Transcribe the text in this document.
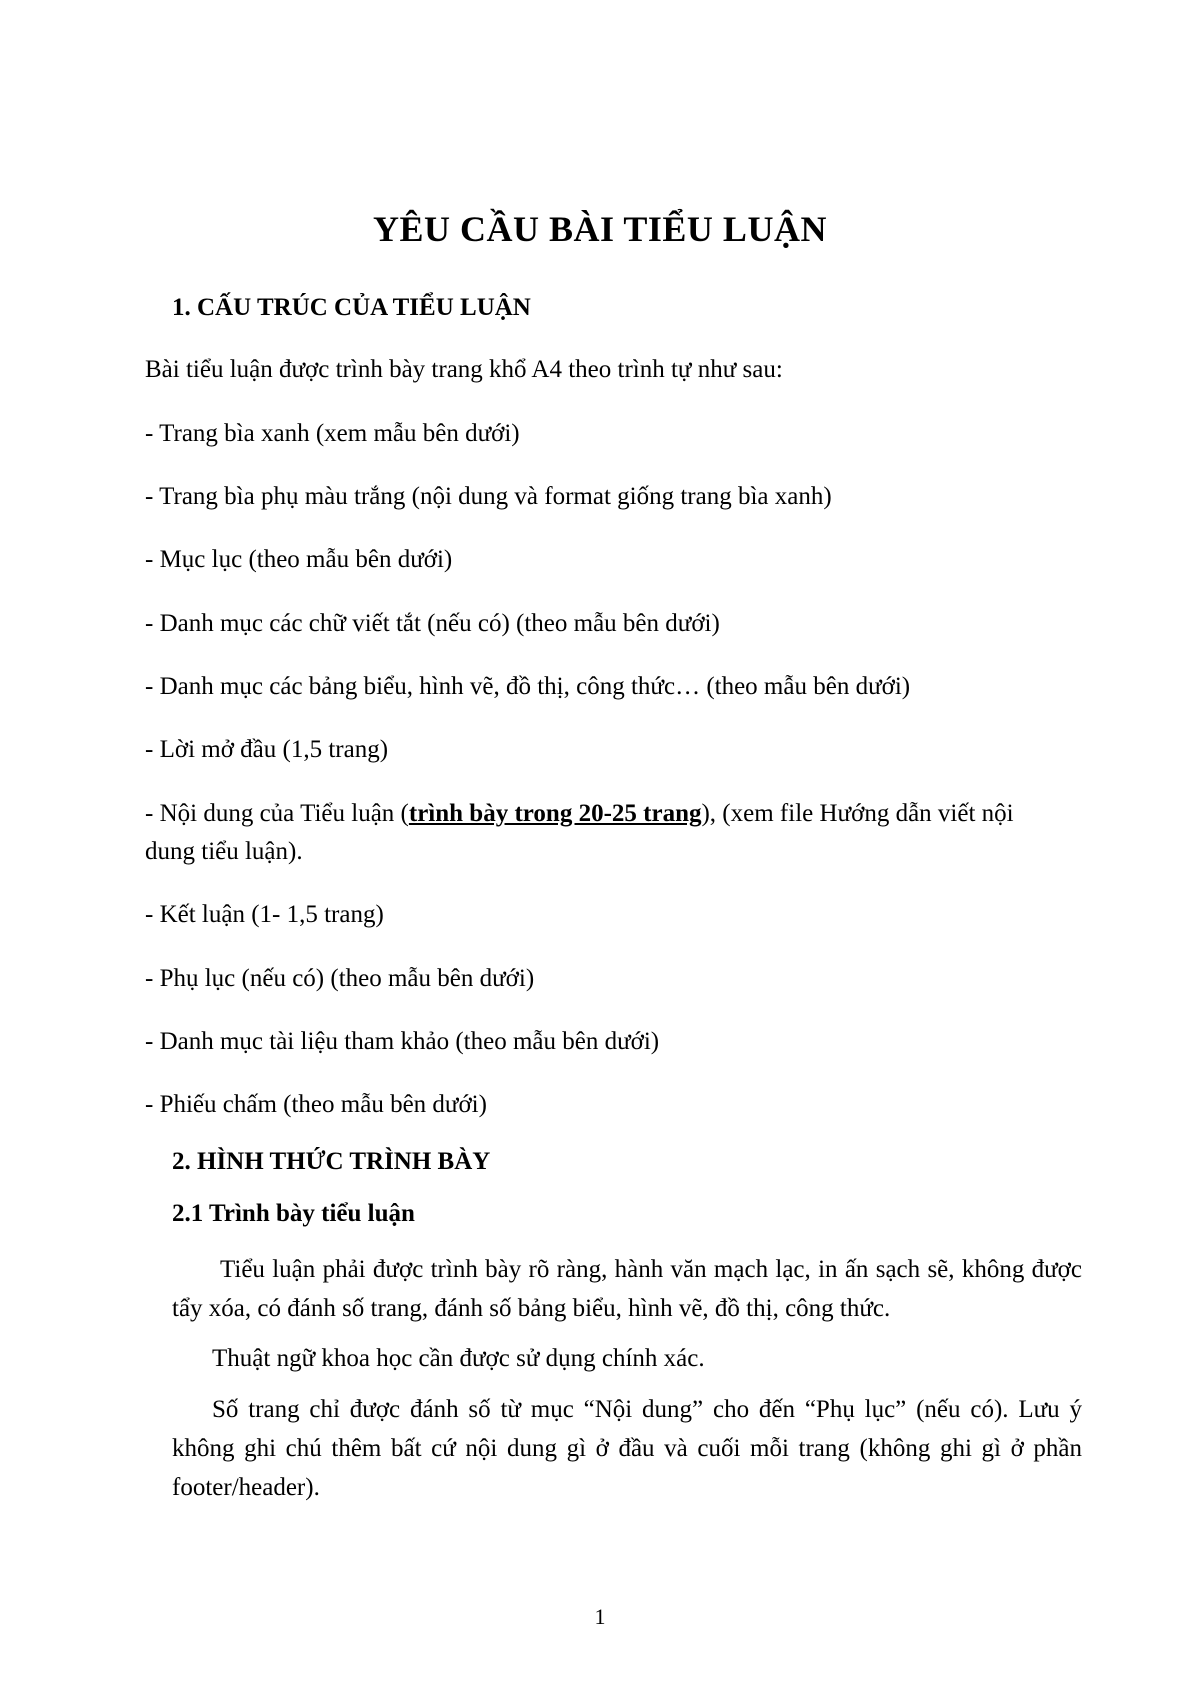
YÊU CẦU BÀI TIỂU LUẬN
1. CẤU TRÚC CỦA TIỂU LUẬN
Bài tiểu luận được trình bày trang khổ A4 theo trình tự như sau:
- Trang bìa xanh (xem mẫu bên dưới)
- Trang bìa phụ màu trắng (nội dung và format giống trang bìa xanh)
- Mục lục (theo mẫu bên dưới)
- Danh mục các chữ viết tắt (nếu có) (theo mẫu bên dưới)
- Danh mục các bảng biểu, hình vẽ, đồ thị, công thức… (theo mẫu bên dưới)
- Lời mở đầu (1,5 trang)
- Nội dung của Tiểu luận (trình bày trong 20-25 trang), (xem file Hướng dẫn viết nội
dung tiểu luận).
- Kết luận (1- 1,5 trang)
- Phụ lục (nếu có) (theo mẫu bên dưới)
- Danh mục tài liệu tham khảo (theo mẫu bên dưới)
- Phiếu chấm (theo mẫu bên dưới)
2. HÌNH THỨC TRÌNH BÀY
2.1 Trình bày tiểu luận
Tiểu luận phải được trình bày rõ ràng, hành văn mạch lạc, in ấn sạch sẽ, không được tẩy xóa, có đánh số trang, đánh số bảng biểu, hình vẽ, đồ thị, công thức.
Thuật ngữ khoa học cần được sử dụng chính xác.
Số trang chỉ được đánh số từ mục “Nội dung” cho đến “Phụ lục” (nếu có). Lưu ý không ghi chú thêm bất cứ nội dung gì ở đầu và cuối mỗi trang (không ghi gì ở phần footer/header).
1
